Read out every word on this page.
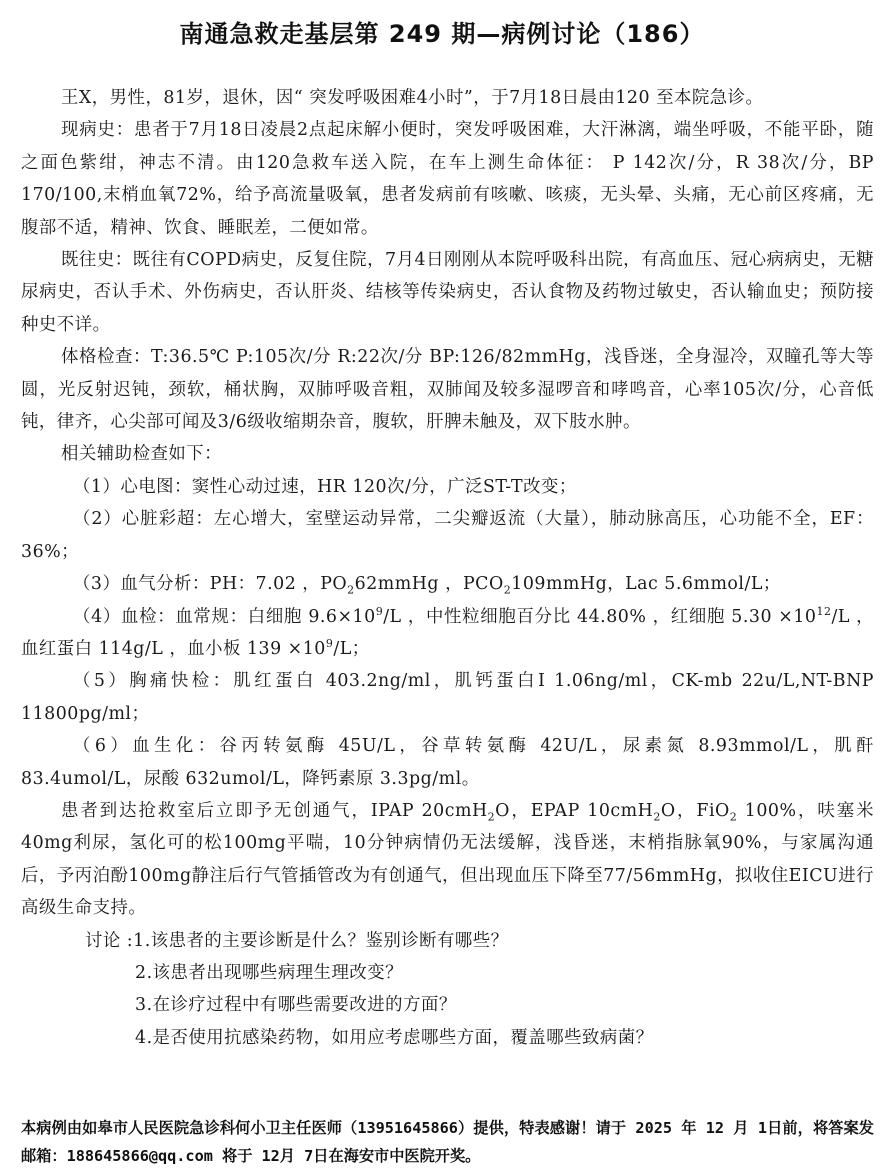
南通急救走基层第 249 期—病例讨论（186）

王X，男性，81岁，退休，因“ 突发呼吸困难4小时”，于7月18日晨由120 至本院急诊。

现病史：患者于7月18日凌晨2点起床解小便时，突发呼吸困难，大汗淋漓，端坐呼吸，不能平卧，随之面色紫绀，神志不清。由120急救车送入院，在车上测生命体征： P 142次/分，R 38次/分，BP 170/100,末梢血氧72%，给予高流量吸氧，患者发病前有咳嗽、咳痰，无头晕、头痛，无心前区疼痛，无腹部不适，精神、饮食、睡眠差，二便如常。

既往史：既往有COPD病史，反复住院，7月4日刚刚从本院呼吸科出院，有高血压、冠心病病史，无糖尿病史，否认手术、外伤病史，否认肝炎、结核等传染病史，否认食物及药物过敏史，否认输血史；预防接种史不详。

体格检查：T:36.5℃ P:105次/分 R:22次/分 BP:126/82mmHg，浅昏迷，全身湿冷，双瞳孔等大等圆，光反射迟钝，颈软，桶状胸，双肺呼吸音粗，双肺闻及较多湿啰音和哮鸣音，心率105次/分，心音低钝，律齐，心尖部可闻及3/6级收缩期杂音，腹软，肝脾未触及，双下肢水肿。

相关辅助检查如下：

（1）心电图：窦性心动过速，HR 120次/分，广泛ST-T改变；

（2）心脏彩超：左心增大，室壁运动异常，二尖瓣返流（大量），肺动脉高压，心功能不全，EF：36%；

（3）血气分析：PH：7.02 ，$PO_262mmHg$ ，$PCO_2109mmHg$，Lac 5.6mmol/L；

（4）血检：血常规：白细胞 $9.6\times 10^9/L$ ，中性粒细胞百分比 44.80% ，红细胞 $5.30 \times 10^{12}/L$ ，血红蛋白 114g/L ，血小板 $139 \times 10^9/L$；

（5）胸痛快检：肌红蛋白 403.2ng/ml，肌钙蛋白I 1.06ng/ml，CK-mb 22u/L,NT-BNP 11800pg/ml；

（6）血生化：谷丙转氨酶 45U/L，谷草转氨酶 42U/L，尿素氮 8.93mmol/L，肌酐 83.4umol/L，尿酸 632umol/L，降钙素原 3.3pg/ml。

患者到达抢救室后立即予无创通气，IPAP 20cmH$_2$O，EPAP 10cmH$_2$O，FiO$_2$ 100%，呋塞米40mg利尿，氢化可的松100mg平喘，10分钟病情仍无法缓解，浅昏迷，末梢指脉氧90%，与家属沟通后，予丙泊酚100mg静注后行气管插管改为有创通气，但出现血压下降至77/56mmHg，拟收住EICU进行高级生命支持。

讨论 :1.该患者的主要诊断是什么？鉴别诊断有哪些？

2.该患者出现哪些病理生理改变？

3.在诊疗过程中有哪些需要改进的方面？

4.是否使用抗感染药物，如用应考虑哪些方面，覆盖哪些致病菌？

本病例由如皋市人民医院急诊科何小卫主任医师（13951645866）提供，特表感谢！请于 2025 年 12 月 1日前，将答案发邮箱：188645866@qq.com 将于 12月 7日在海安市中医院开奖。
